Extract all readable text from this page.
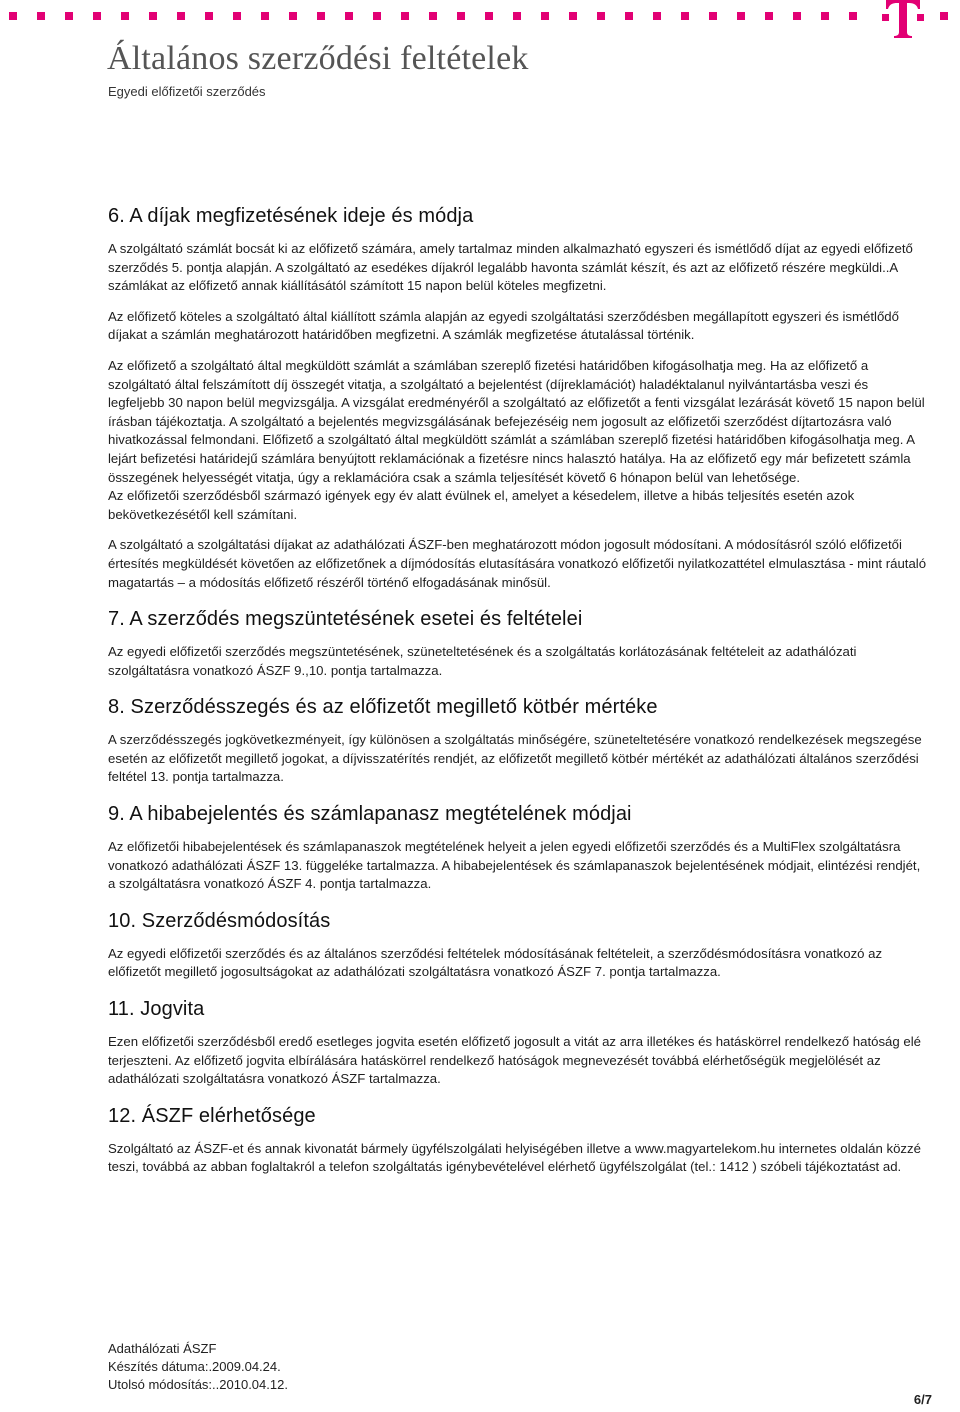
Általános szerződési feltételek
Egyedi előfizetői szerződés
6. A díjak megfizetésének ideje és módja

A szolgáltató számlát bocsát ki az előfizető számára, amely tartalmaz minden alkalmazható egyszeri és ismétlődő díjat az egyedi előfizető szerződés 5. pontja alapján. A szolgáltató az esedékes díjakról legalább havonta számlát készít, és azt az előfizető részére megküldi..A számlákat az előfizető annak kiállításától számított 15 napon belül köteles megfizetni.

Az előfizető köteles a szolgáltató által kiállított számla alapján az egyedi szolgáltatási szerződésben megállapított egyszeri és ismétlődő díjakat a számlán meghatározott határidőben megfizetni. A számlák megfizetése átutalással történik.

Az előfizető a szolgáltató által megküldött számlát a számlában szereplő fizetési határidőben kifogásolhatja meg. Ha az előfizető a szolgáltató által felszámított díj összegét vitatja, a szolgáltató a bejelentést (díjreklamációt) haladéktalanul nyilvántartásba veszi és legfeljebb 30 napon belül megvizsgálja. A vizsgálat eredményéről a szolgáltató az előfizetőt a fenti vizsgálat lezárását követő 15 napon belül írásban tájékoztatja. A szolgáltató a bejelentés megvizsgálásának befejezéséig nem jogosult az előfizetői szerződést díjtartozásra való hivatkozással felmondani. Előfizető a szolgáltató által megküldött számlát a számlában szereplő fizetési határidőben kifogásolhatja meg. A lejárt befizetési határidejű számlára benyújtott reklamációnak a fizetésre nincs halasztó hatálya. Ha az előfizető egy már befizetett számla összegének helyességét vitatja, úgy a reklamációra csak a számla teljesítését követő 6 hónapon belül van lehetősége.

Az előfizetői szerződésből származó igények egy év alatt évülnek el, amelyet a késedelem, illetve a hibás teljesítés esetén azok bekövetkezésétől kell számítani.

A szolgáltató a szolgáltatási díjakat az adathálózati ÁSZF-ben meghatározott módon jogosult módosítani. A módosításról szóló előfizetői értesítés megküldését követően az előfizetőnek a díjmódosítás elutasítására vonatkozó előfizetői nyilatkozattétel elmulasztása - mint ráutaló magatartás – a módosítás előfizető részéről történő elfogadásának minősül.

7. A szerződés megszüntetésének esetei és feltételei

Az egyedi előfizetői szerződés megszüntetésének, szüneteltetésének és a szolgáltatás korlátozásának feltételeit az adathálózati szolgáltatásra vonatkozó ÁSZF 9.,10. pontja tartalmazza.

8. Szerződésszegés és az előfizetőt megillető kötbér mértéke

A szerződésszegés jogkövetkezményeit, így különösen a szolgáltatás minőségére, szüneteltetésére vonatkozó rendelkezések megszegése esetén az előfizetőt megillető jogokat, a díjvisszatérítés rendjét, az előfizetőt megillető kötbér mértékét az adathálózati általános szerződési feltétel 13. pontja tartalmazza.

9. A hibabejelentés és számlapanasz megtételének módjai

Az előfizetői hibabejelentések és számlapanaszok megtételének helyeit a jelen egyedi előfizetői szerződés és a MultiFlex szolgáltatásra vonatkozó adathálózati ÁSZF 13. függeléke tartalmazza. A hibabejelentések és számlapanaszok bejelentésének módjait, elintézési rendjét, a szolgáltatásra vonatkozó ÁSZF 4. pontja tartalmazza.

10. Szerződésmódosítás

Az egyedi előfizetői szerződés és az általános szerződési feltételek módosításának feltételeit, a szerződésmódosításra vonatkozó az előfizetőt megillető jogosultságokat az adathálózati szolgáltatásra vonatkozó ÁSZF 7. pontja tartalmazza.

11. Jogvita

Ezen előfizetői szerződésből eredő esetleges jogvita esetén előfizető jogosult a vitát az arra illetékes és hatáskörrel rendelkező hatóság elé terjeszteni. Az előfizető jogvita elbírálására hatáskörrel rendelkező hatóságok megnevezését továbbá elérhetőségük megjelölését az adathálózati szolgáltatásra vonatkozó ÁSZF tartalmazza.

12. ÁSZF elérhetősége

Szolgáltató az ÁSZF-et és annak kivonatát bármely ügyfélszolgálati helyiségében illetve a www.magyartelekom.hu internetes oldalán közzé teszi, továbbá az abban foglaltakról a telefon szolgáltatás igénybevételével elérhető ügyfélszolgálat (tel.: 1412 ) szóbeli tájékoztatást ad.

Adathálózati ÁSZF
Készítés dátuma:.2009.04.24.
Utolsó módosítás:..2010.04.12.
6/7
